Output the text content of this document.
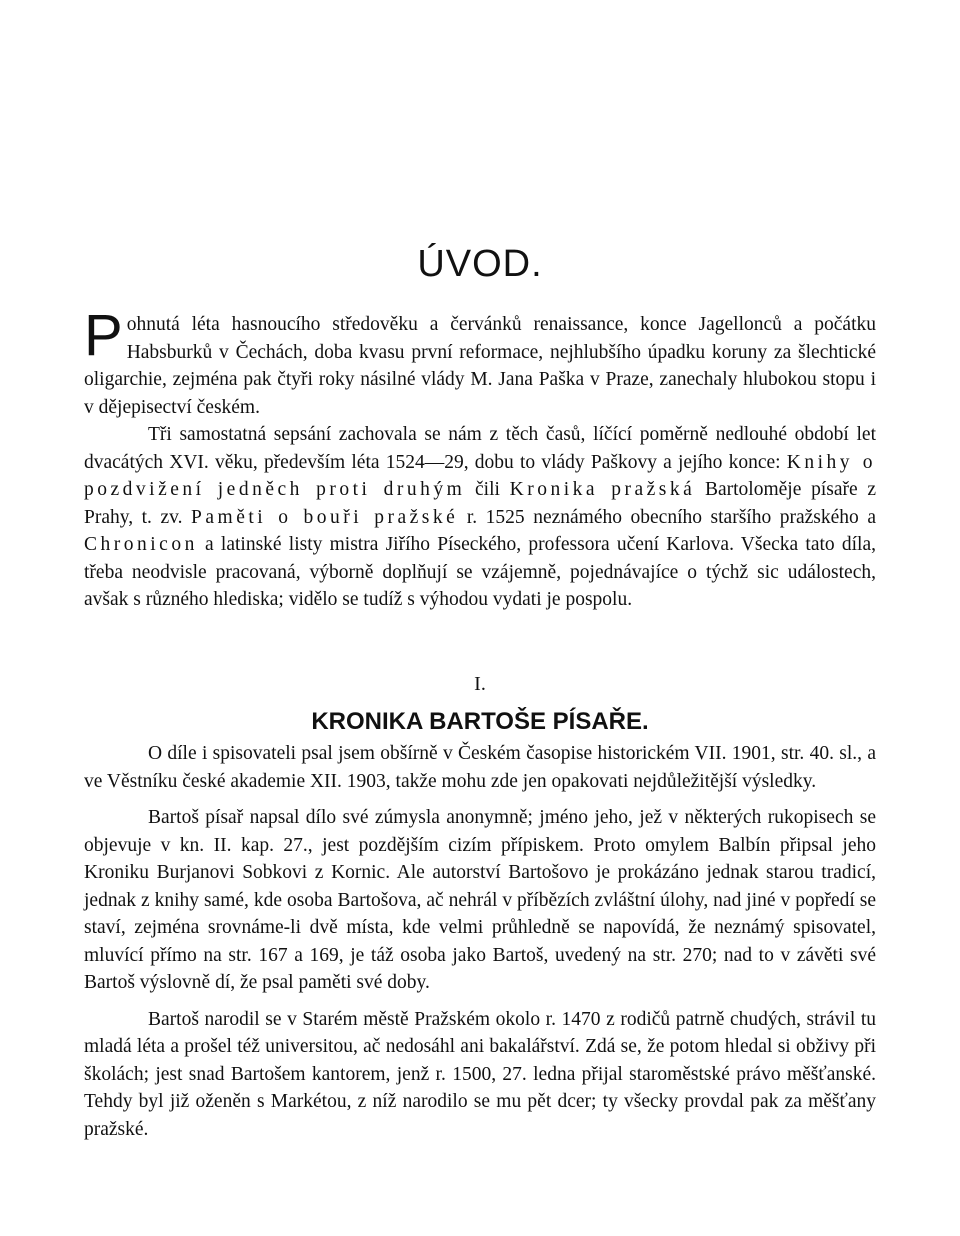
ÚVOD.

Pohnutá léta hasnoucího středověku a červánků renaissance, konce Jagellonců a počátku Habsburků v Čechách, doba kvasu první reformace, nejhlubšího úpadku koruny za šlechtické oligarchie, zejména pak čtyři roky násilné vlády M. Jana Paška v Praze, zanechaly hlubokou stopu i v dějepisectví českém.

Tři samostatná sepsání zachovala se nám z těch časů, líčící poměrně nedlouhé období let dvacátých XVI. věku, především léta 1524—29, dobu to vlády Paškovy a jejího konce: Knihy o pozdvižení jedněch proti druhým čili Kronika pražská Bartoloměje písaře z Prahy, t. zv. Paměti o bouři pražské r. 1525 neznámého obecního staršího pražského a Chronicon a latinské listy mistra Jiřího Píseckého, professora učení Karlova. Všecka tato díla, třeba neodvisle pracovaná, výborně doplňují se vzájemně, pojednávajíce o týchž sic událostech, avšak s různého hlediska; vidělo se tudíž s výhodou vydati je pospolu.

I.
KRONIKA BARTOŠE PÍSAŘE.

O díle i spisovateli psal jsem obšírně v Českém časopise historickém VII. 1901, str. 40. sl., a ve Věstníku české akademie XII. 1903, takže mohu zde jen opakovati nejdůležitější výsledky.

Bartoš písař napsal dílo své zúmysla anonymně; jméno jeho, jež v některých rukopisech se objevuje v kn. II. kap. 27., jest pozdějším cizím přípiskem. Proto omylem Balbín připsal jeho Kroniku Burjanovi Sobkovi z Kornic. Ale autorství Bartošovo je prokázáno jednak starou tradicí, jednak z knihy samé, kde osoba Bartošova, ač nehrál v příbězích zvláštní úlohy, nad jiné v popředí se staví, zejména srovnáme-li dvě místa, kde velmi průhledně se napovídá, že neznámý spisovatel, mluvící přímo na str. 167 a 169, je táž osoba jako Bartoš, uvedený na str. 270; nad to v závěti své Bartoš výslovně dí, že psal paměti své doby.

Bartoš narodil se v Starém městě Pražském okolo r. 1470 z rodičů patrně chudých, strávil tu mladá léta a prošel též universitou, ač nedosáhl ani bakalářství. Zdá se, že potom hledal si obživy při školách; jest snad Bartošem kantorem, jenž r. 1500, 27. ledna přijal staroměstské právo měšťanské. Tehdy byl již oženěn s Markétou, z níž narodilo se mu pět dcer; ty všecky provdal pak za měšťany pražské.
